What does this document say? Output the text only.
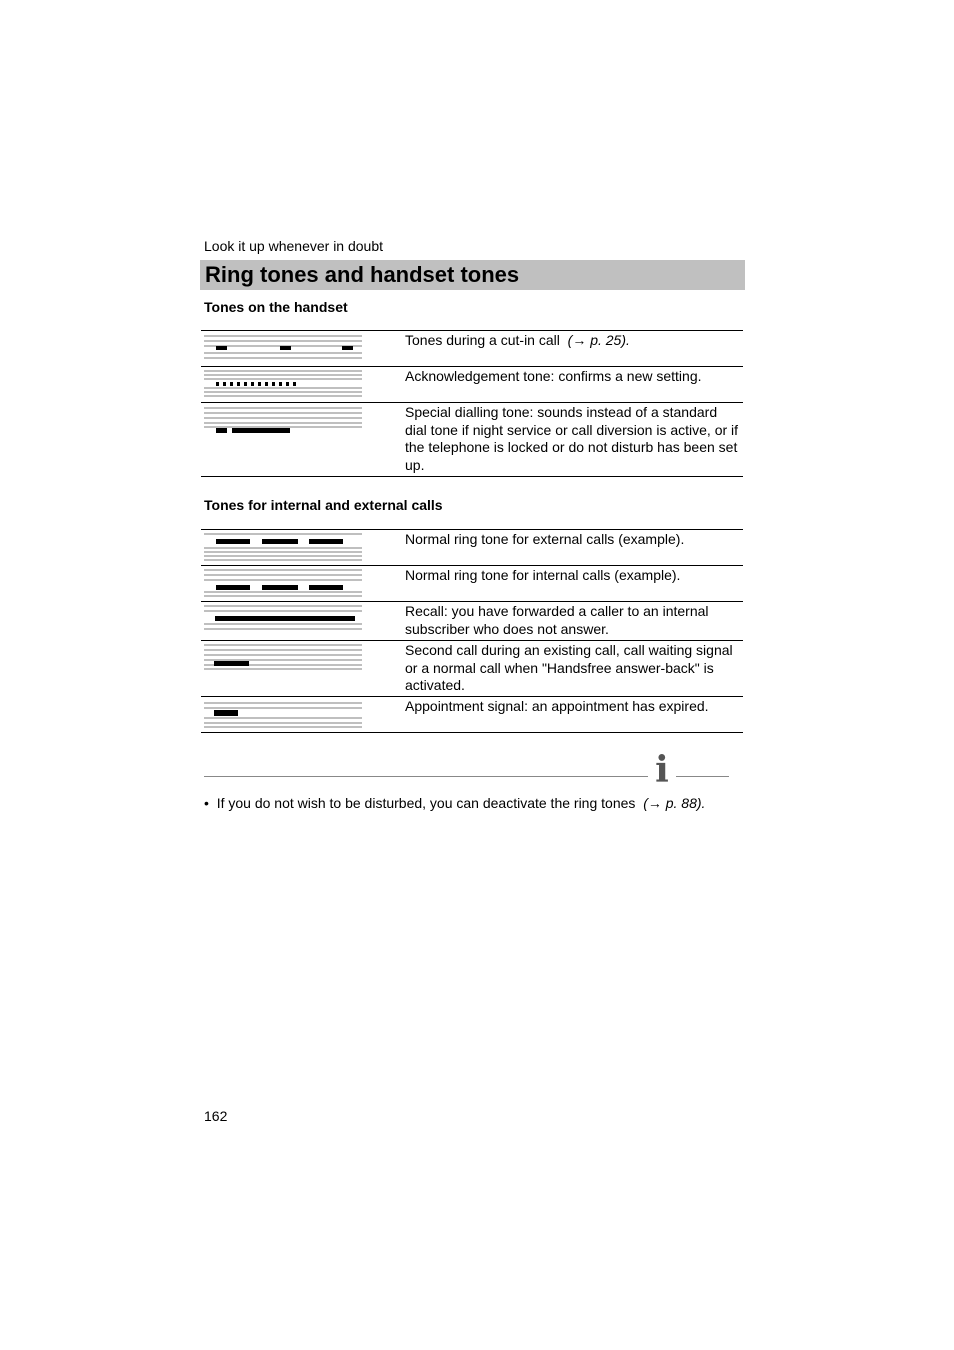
Look it up whenever in doubt
Ring tones and handset tones
Tones on the handset
Tones during a cut-in call (→ p. 25).
Acknowledgement tone: confirms a new setting.
Special dialling tone: sounds instead of a standard dial tone if night service or call diversion is active, or if the telephone is locked or do not disturb has been set up.
Tones for internal and external calls
Normal ring tone for external calls (example).
Normal ring tone for internal calls (example).
Recall: you have forwarded a caller to an internal subscriber who does not answer.
Second call during an existing call, call waiting signal or a normal call when "Handsfree answer-back" is activated.
Appointment signal: an appointment has expired.
i
•  If you do not wish to be disturbed, you can deactivate the ring tones (→ p. 88).
162
